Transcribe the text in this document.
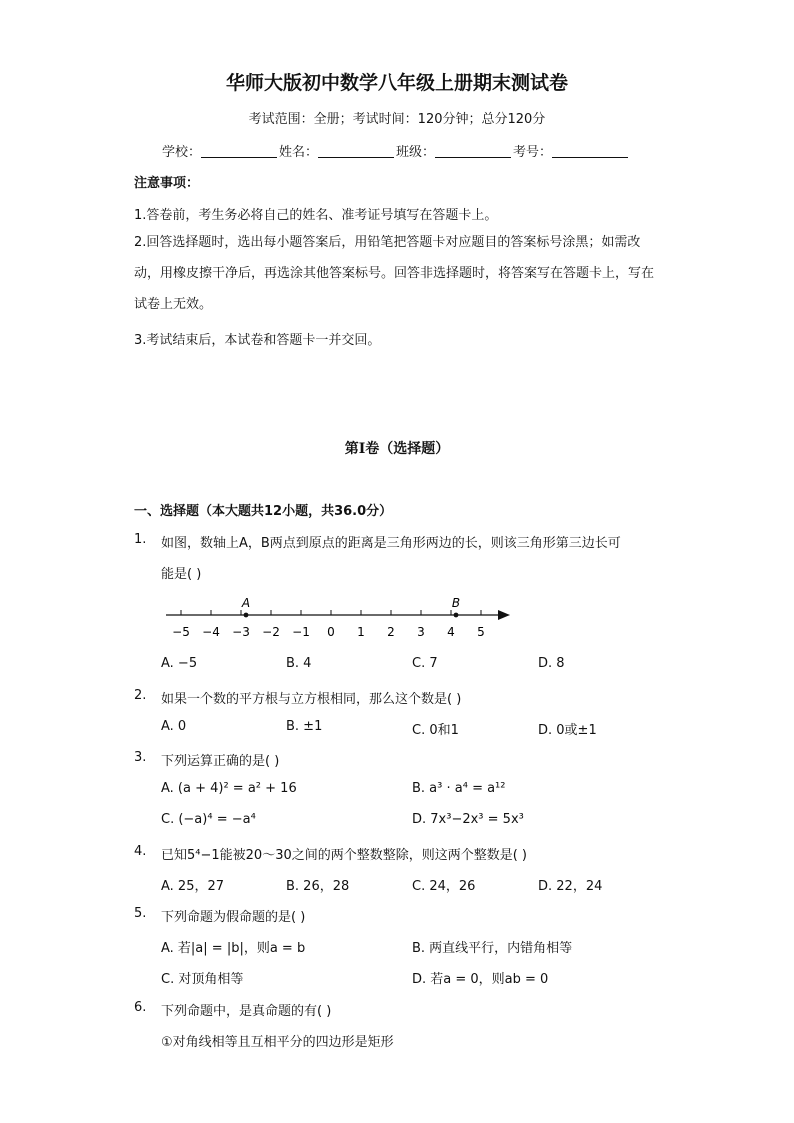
华师大版初中数学八年级上册期末测试卷
考试范围：全册；考试时间：120分钟；总分120分
学校：	姓名：	班级：	考号：
注意事项：
1.答卷前，考生务必将自己的姓名、准考证号填写在答题卡上。
2.回答选择题时，选出每小题答案后，用铅笔把答题卡对应题目的答案标号涂黑；如需改动，用橡皮擦干净后，再选涂其他答案标号。回答非选择题时，将答案写在答题卡上，写在试卷上无效。
3.考试结束后，本试卷和答题卡一并交回。
第I卷（选择题）
一、选择题（本大题共12小题，共36.0分）
1. 如图，数轴上A，B两点到原点的距离是三角形两边的长，则该三角形第三边长可
能是( )
−5 −4 −3 −2 −1 0 1 2 3 4 5
A	B
A. −5	B. 4	C. 7	D. 8
2. 如果一个数的平方根与立方根相同，那么这个数是( )
A. 0	B. ±1	C. 0和1	D. 0或±1
3. 下列运算正确的是( )
A. (a + 4)² = a² + 16	B. a³ · a⁴ = a¹²
C. (−a)⁴ = −a⁴	D. 7x³−2x³ = 5x³
4. 已知5⁴−1能被20～30之间的两个整数整除，则这两个整数是( )
A. 25，27	B. 26，28	C. 24，26	D. 22，24
5. 下列命题为假命题的是( )
A. 若|a| = |b|，则a = b	B. 两直线平行，内错角相等
C. 对顶角相等	D. 若a = 0，则ab = 0
6. 下列命题中，是真命题的有( )
①对角线相等且互相平分的四边形是矩形
